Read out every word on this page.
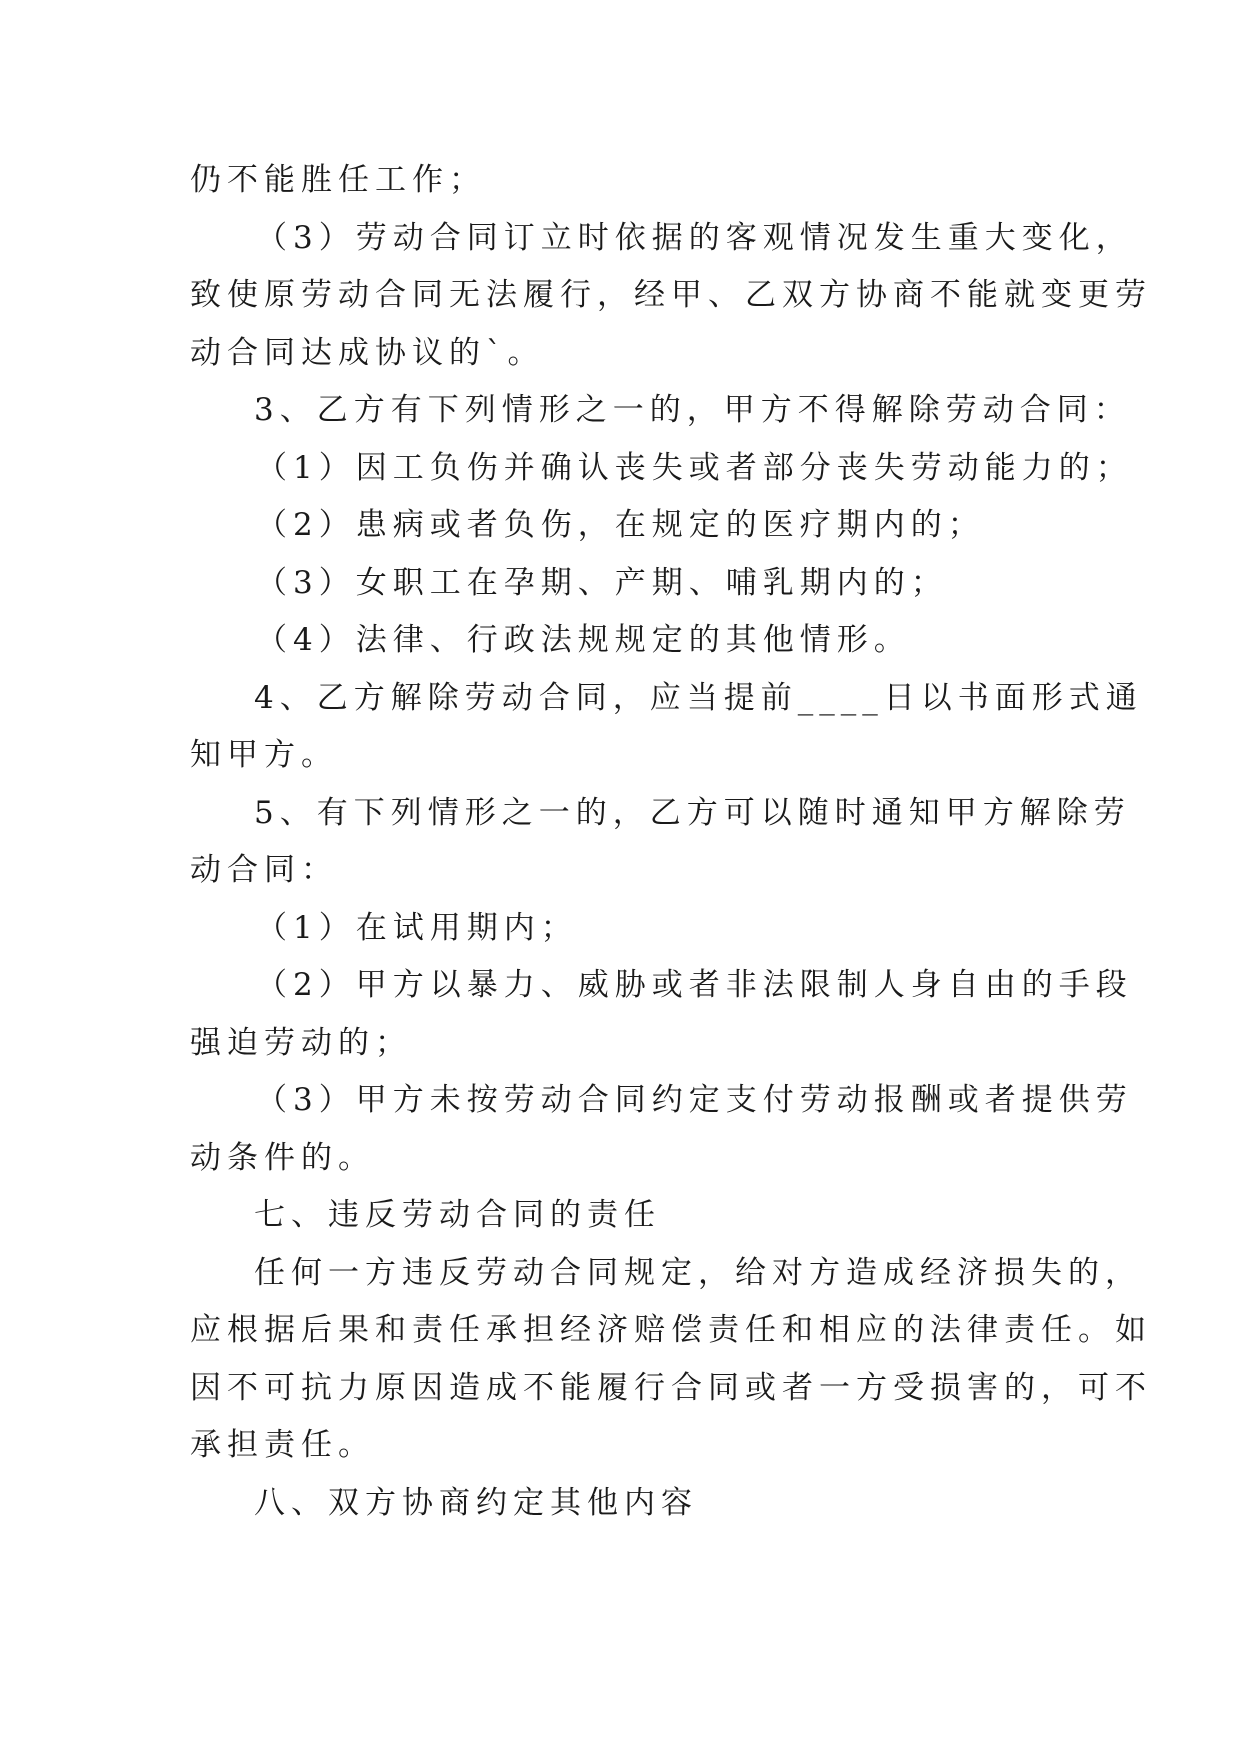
仍不能胜任工作；
（3）劳动合同订立时依据的客观情况发生重大变化，
致使原劳动合同无法履行，经甲、乙双方协商不能就变更劳
动合同达成协议的`。
3、乙方有下列情形之一的，甲方不得解除劳动合同：
（1）因工负伤并确认丧失或者部分丧失劳动能力的；
（2）患病或者负伤，在规定的医疗期内的；
（3）女职工在孕期、产期、哺乳期内的；
（4）法律、行政法规规定的其他情形。
4、乙方解除劳动合同，应当提前____日以书面形式通
知甲方。
5、有下列情形之一的，乙方可以随时通知甲方解除劳
动合同：
（1）在试用期内；
（2）甲方以暴力、威胁或者非法限制人身自由的手段
强迫劳动的；
（3）甲方未按劳动合同约定支付劳动报酬或者提供劳
动条件的。
七、违反劳动合同的责任
任何一方违反劳动合同规定，给对方造成经济损失的，
应根据后果和责任承担经济赔偿责任和相应的法律责任。如
因不可抗力原因造成不能履行合同或者一方受损害的，可不
承担责任。
八、双方协商约定其他内容
